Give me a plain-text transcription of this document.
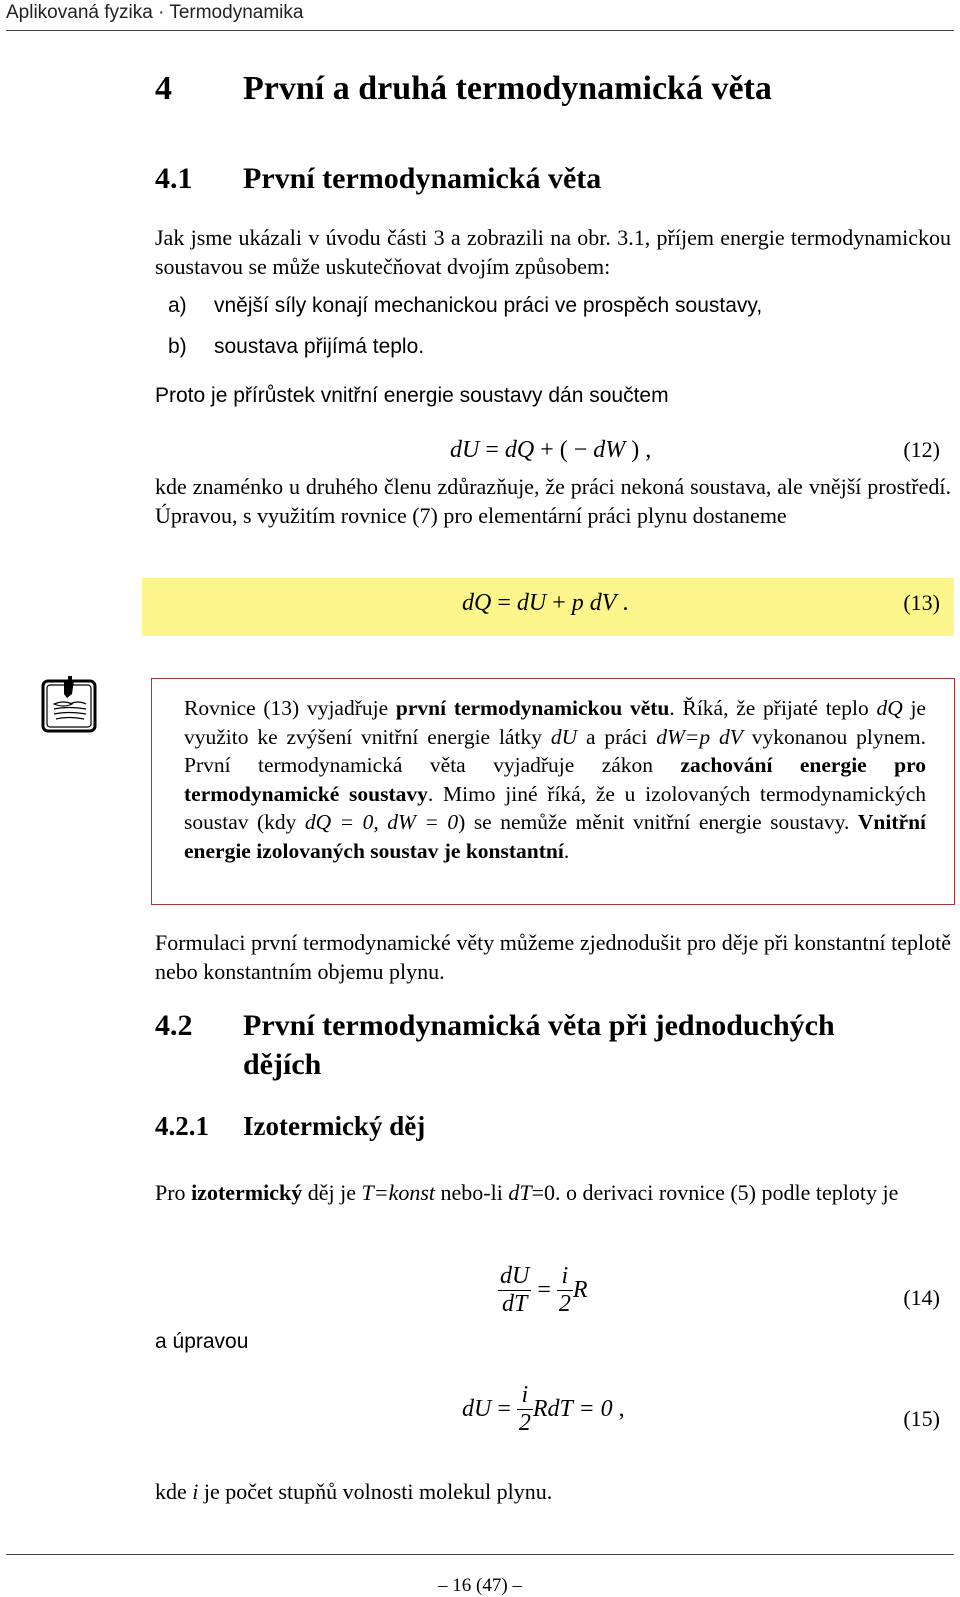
Aplikovaná fyzika · Termodynamika
4 První a druhá termodynamická věta
4.1 První termodynamická věta
Jak jsme ukázali v úvodu části 3 a zobrazili na obr. 3.1, příjem energie termodynamickou soustavou se může uskutečňovat dvojím způsobem:
a) vnější síly konají mechanickou práci ve prospěch soustavy,
b) soustava přijímá teplo.
Proto je přírůstek vnitřní energie soustavy dán součtem
dU = dQ + ( − dW ) ,	(12)
kde znaménko u druhého členu zdůrazňuje, že práci nekoná soustava, ale vnější prostředí. Úpravou, s využitím rovnice (7) pro elementární práci plynu dostaneme
dQ = dU + p dV .	(13)
Rovnice (13) vyjadřuje první termodynamickou větu. Říká, že přijaté teplo dQ je využito ke zvýšení vnitřní energie látky dU a práci dW=p dV vykonanou plynem. První termodynamická věta vyjadřuje zákon zachování energie pro termodynamické soustavy. Mimo jiné říká, že u izolovaných termodynamických soustav (kdy dQ = 0, dW = 0) se nemůže měnit vnitřní energie soustavy. Vnitřní energie izolovaných soustav je konstantní.
Formulaci první termodynamické věty můžeme zjednodušit pro děje při konstantní teplotě nebo konstantním objemu plynu.
4.2 První termodynamická věta při jednoduchých
dějích
4.2.1 Izotermický děj
Pro izotermický děj je T=konst nebo-li dT=0. o derivaci rovnice (5) podle teploty je
$\frac{dU}{dT} = \frac{i}{2}$ R	(14)
a úpravou
dU = $\frac{i}{2}$ RdT = 0 ,	(15)
kde i je počet stupňů volnosti molekul plynu.
– 16 (47) –
